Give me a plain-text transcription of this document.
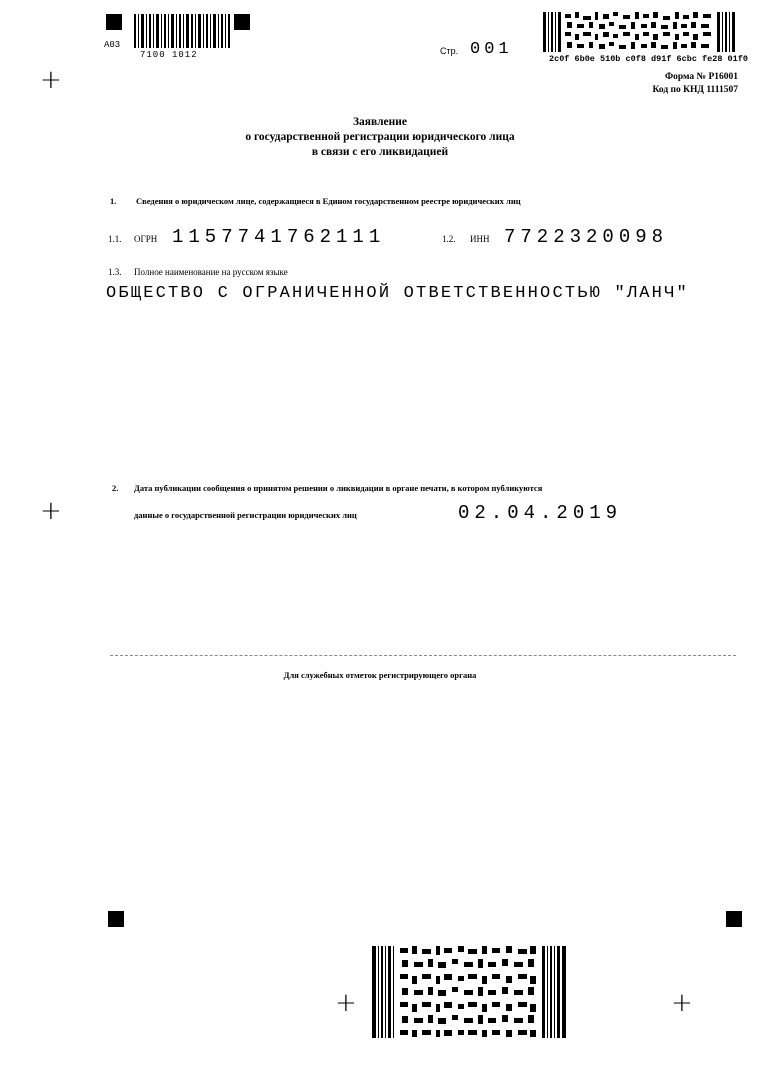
А03
7100 1012	Стр. 001	2c0f 6b0e 510b c0f8 d91f 6cbc fe28 01f0
Форма № Р16001
Код по КНД 1111507
+
+
Заявление
о государственной регистрации юридического лица
в связи с его ликвидацией
1. Сведения о юридическом лице, содержащиеся в Едином государственном реестре юридических лиц
1.1. ОГРН 1157741762111	1.2. ИНН 7722320098
1.3. Полное наименование на русском языке
ОБЩЕСТВО С ОГРАНИЧЕННОЙ ОТВЕТСТВЕННОСТЬЮ "ЛАНЧ"
2. Дата публикации сообщения о принятом решении о ликвидации в органе печати, в котором публикуются
данные о государственной регистрации юридических лиц	02.04.2019
Для служебных отметок регистрирующего органа
+	+
